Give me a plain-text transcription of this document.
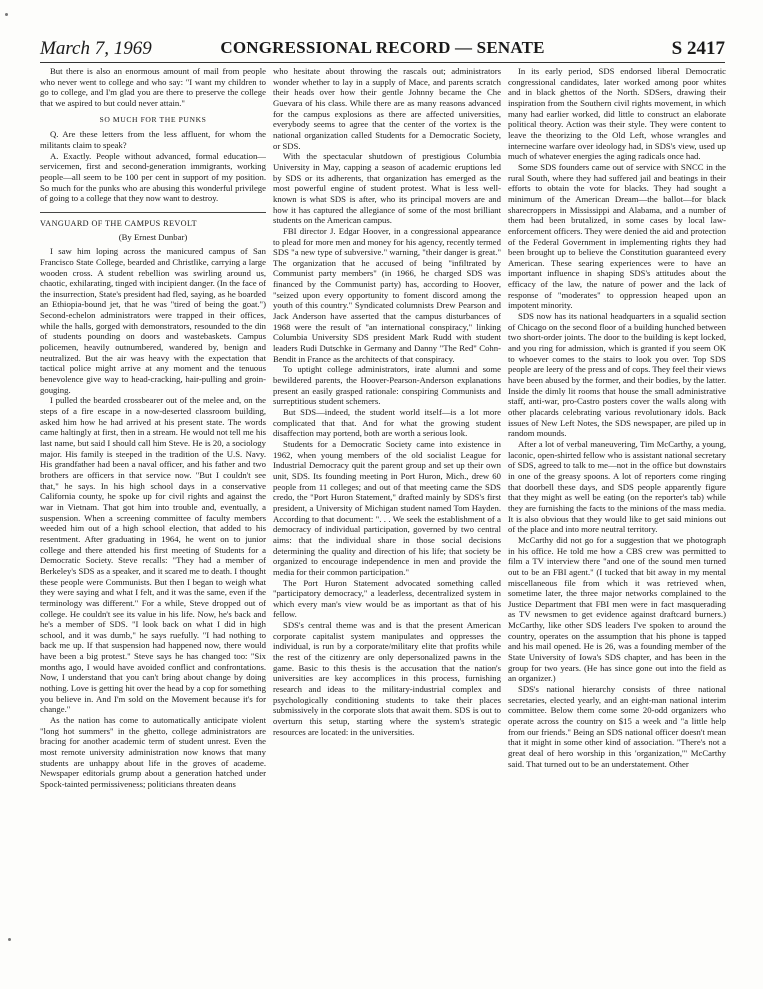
March 7, 1969	CONGRESSIONAL RECORD — SENATE	S 2417

But there is also an enormous amount of mail from people who never went to college and who say: "I want my children to go to college, and I'm glad you are there to preserve the college that we aspired to but could never attain."

SO MUCH FOR THE PUNKS

Q. Are these letters from the less affluent, for whom the militants claim to speak?

A. Exactly. People without advanced, formal education—servicemen, first and second-generation immigrants, working people—all seem to be 100 per cent in support of my position. So much for the punks who are abusing this wonderful privilege of going to a college that they now want to destroy.

VANGUARD OF THE CAMPUS REVOLT

(By Ernest Dunbar)

I saw him loping across the manicured campus of San Francisco State College, bearded and Christlike, carrying a large wooden cross. A student rebellion was swirling around us, chaotic, exhilarating, tinged with incipient danger. (In the face of the insurrection, State's president had fled, saying, as he boarded an Ethiopia-bound jet, that he was "tired of being the goat.") Second-echelon administrators were trapped in their offices, while the halls, gorged with demonstrators, resounded to the din of students pounding on doors and wastebaskets. Campus policemen, heavily outnumbered, wandered by, benign and neutralized. But the air was heavy with the expectation that tactical police might arrive at any moment and the tenuous benevolence give way to head-cracking, hair-pulling and groin-gouging.

I pulled the bearded crossbearer out of the melee and, on the steps of a fire escape in a now-deserted classroom building, asked him how he had arrived at his present state. The words came haltingly at first, then in a stream. He would not tell me his last name, but said I should call him Steve. He is 20, a sociology major. His family is steeped in the tradition of the U.S. Navy. His grandfather had been a naval officer, and his father and two brothers are officers in that service now. "But I couldn't see that," he says. In his high school days in a conservative California county, he spoke up for civil rights and against the war in Vietnam. That got him into trouble and, eventually, a suspension. When a screening committee of faculty members weeded him out of a high school election, that added to his resentment. After graduating in 1964, he went on to junior college and there attended his first meeting of Students for a Democratic Society. Steve recalls: "They had a member of Berkeley's SDS as a speaker, and it scared me to death. I thought these people were Communists. But then I began to weigh what they were saying and what I felt, and it was the same, even if the terminology was different." For a while, Steve dropped out of college. He couldn't see its value in his life. Now, he's back and he's a member of SDS. "I look back on what I did in high school, and it was dumb," he says ruefully. "I had nothing to back me up. If that suspension had happened now, there would have been a big protest." Steve says he has changed too: "Six months ago, I would have avoided conflict and confrontations. Now, I understand that you can't bring about change by doing nothing. Love is getting hit over the head by a cop for something you believe in. And I'm sold on the Movement because it's for change."

As the nation has come to automatically anticipate violent "long hot summers" in the ghetto, college administrators are bracing for another academic term of student unrest. Even the most remote university administration now knows that many students are unhappy about life in the groves of academe. Newspaper editorials grump about a generation hatched under Spock-tainted permissiveness; politicians threaten deans

who hesitate about throwing the rascals out; administrators wonder whether to lay in a supply of Mace, and parents scratch their heads over how their gentle Johnny became the Che Guevara of his class. While there are as many reasons advanced for the campus explosions as there are affected universities, everybody seems to agree that the center of the vortex is the national organization called Students for a Democratic Society, or SDS.

With the spectacular shutdown of prestigious Columbia University in May, capping a season of academic eruptions led by SDS or its adherents, that organization has emerged as the most powerful engine of student protest. What is less well-known is what SDS is after, who its principal movers are and how it has captured the allegiance of some of the most brilliant students on the American campus.

FBI director J. Edgar Hoover, in a congressional appearance to plead for more men and money for his agency, recently termed SDS "a new type of subversive." warning, "their danger is great." The organization that he accused of being "infiltrated by Communist party members" (in 1966, he charged SDS was financed by the Communist party) has, according to Hoover, "seized upon every opportunity to foment discord among the youth of this country." Syndicated columnists Drew Pearson and Jack Anderson have asserted that the campus disturbances of 1968 were the result of "an international conspiracy," linking Columbia University SDS president Mark Rudd with student leaders Rudi Dutschke in Germany and Danny "The Red" Cohn-Bendit in France as the architects of that conspiracy.

To uptight college administrators, irate alumni and some bewildered parents, the Hoover-Pearson-Anderson explanations present an easily grasped rationale: conspiring Communists and surreptitious student schemers.

But SDS—indeed, the student world itself—is a lot more complicated that that. And for what the growing student disaffection may portend, both are worth a serious look.

Students for a Democratic Society came into existence in 1962, when young members of the old socialist League for Industrial Democracy quit the parent group and set up their own unit, SDS. Its founding meeting in Port Huron, Mich., drew 60 people from 11 colleges; and out of that meeting came the SDS credo, the "Port Huron Statement," drafted mainly by SDS's first president, a University of Michigan student named Tom Hayden. According to that document: ". . . We seek the establishment of a democracy of individual participation, governed by two central aims: that the individual share in those social decisions determining the quality and direction of his life; that society be organized to encourage independence in men and provide the media for their common participation."

The Port Huron Statement advocated something called "participatory democracy," a leaderless, decentralized system in which every man's view would be as important as that of his fellow.

SDS's central theme was and is that the present American corporate capitalist system manipulates and oppresses the individual, is run by a corporate/military elite that profits while the rest of the citizenry are only depersonalized pawns in the game. Basic to this thesis is the accusation that the nation's universities are key accomplices in this process, furnishing research and ideas to the military-industrial complex and psychologically conditioning students to take their places submissively in the corporate slots that await them. SDS is out to overturn this setup, starting where the system's strategic resources are located: in the universities.

In its early period, SDS endorsed liberal Democratic congressional candidates, later worked among poor whites and in black ghettos of the North. SDSers, drawing their inspiration from the Southern civil rights movement, in which many had earlier worked, did little to construct an elaborate political theory. Action was their style. They were content to leave the theorizing to the Old Left, whose wrangles and internecine warfare over ideology had, in SDS's view, used up much of whatever energies the aging radicals once had.

Some SDS founders came out of service with SNCC in the rural South, where they had suffered jail and beatings in their efforts to obtain the vote for blacks. They had sought a minimum of the American Dream—the ballot—for black sharecroppers in Mississippi and Alabama, and a number of them had been brutalized, in some cases by local law-enforcement officers. They were denied the aid and protection of the Federal Government in implementing rights they had been brought up to believe the Constitution guaranteed every American. These searing experiences were to have an important influence in shaping SDS's attitudes about the efficacy of the law, the nature of power and the lack of response of "moderates" to oppression heaped upon an impotent minority.

SDS now has its national headquarters in a squalid section of Chicago on the second floor of a building hunched between two short-order joints. The door to the building is kept locked, and you ring for admission, which is granted if you seem OK to whoever comes to the stairs to look you over. Top SDS people are leery of the press and of cops. They feel their views have been abused by the former, and their bodies, by the latter. Inside the dimly lit rooms that house the small administrative staff, anti-war, pro-Castro posters cover the walls along with other placards celebrating various revolutionary idols. Back issues of New Left Notes, the SDS newspaper, are piled up in random mounds.

After a lot of verbal maneuvering, Tim McCarthy, a young, laconic, open-shirted fellow who is assistant national secretary of SDS, agreed to talk to me—not in the office but downstairs in one of the greasy spoons. A lot of reporters come ringing that doorbell these days, and SDS people apparently figure that they might as well be eating (on the reporter's tab) while they are furnishing the facts to the minions of the mass media. It is also obvious that they would like to get said minions out of the place and into more neutral territory.

McCarthy did not go for a suggestion that we photograph in his office. He told me how a CBS crew was permitted to film a TV interview there "and one of the sound men turned out to be an FBI agent." (I tucked that bit away in my mental miscellaneous file from which it was retrieved when, sometime later, the three major networks complained to the Justice Department that FBI men were in fact masquerading as TV newsmen to get evidence against draftcard burners.) McCarthy, like other SDS leaders I've spoken to around the country, operates on the assumption that his phone is tapped and his mail opened. He is 26, was a founding member of the State University of Iowa's SDS chapter, and has been in the group for two years. (He has since gone out into the field as an organizer.)

SDS's national hierarchy consists of three national secretaries, elected yearly, and an eight-man national interim committee. Below them come some 20-odd organizers who operate across the country on $15 a week and "a little help from our friends." Being an SDS national officer doesn't mean that it might in some other kind of association. "There's not a great deal of hero worship in this 'organization,'" McCarthy said. That turned out to be an understatement. Other
